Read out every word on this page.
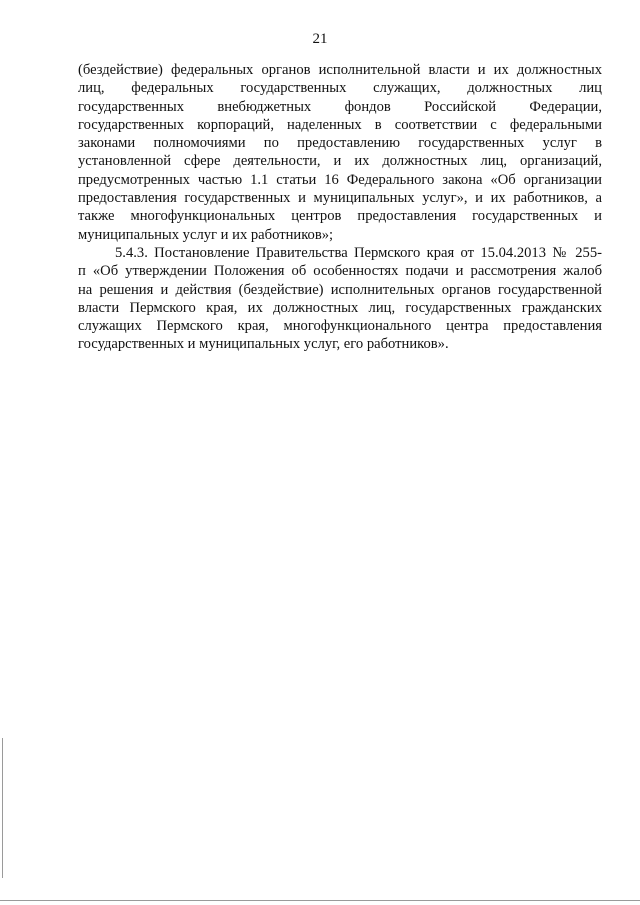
21
(бездействие) федеральных органов исполнительной власти и их должностных
лиц, федеральных государственных служащих, должностных лиц
государственных внебюджетных фондов Российской Федерации,
государственных корпораций, наделенных в соответствии с федеральными
законами полномочиями по предоставлению государственных услуг в
установленной сфере деятельности, и их должностных лиц, организаций,
предусмотренных частью 1.1 статьи 16 Федерального закона «Об организации
предоставления государственных и муниципальных услуг», и их работников, а
также многофункциональных центров предоставления государственных и
муниципальных услуг и их работников»;
5.4.3. Постановление Правительства Пермского края от 15.04.2013 № 255-
п «Об утверждении Положения об особенностях подачи и рассмотрения жалоб
на решения и действия (бездействие) исполнительных органов государственной
власти Пермского края, их должностных лиц, государственных гражданских
служащих Пермского края, многофункционального центра предоставления
государственных и муниципальных услуг, его работников».
